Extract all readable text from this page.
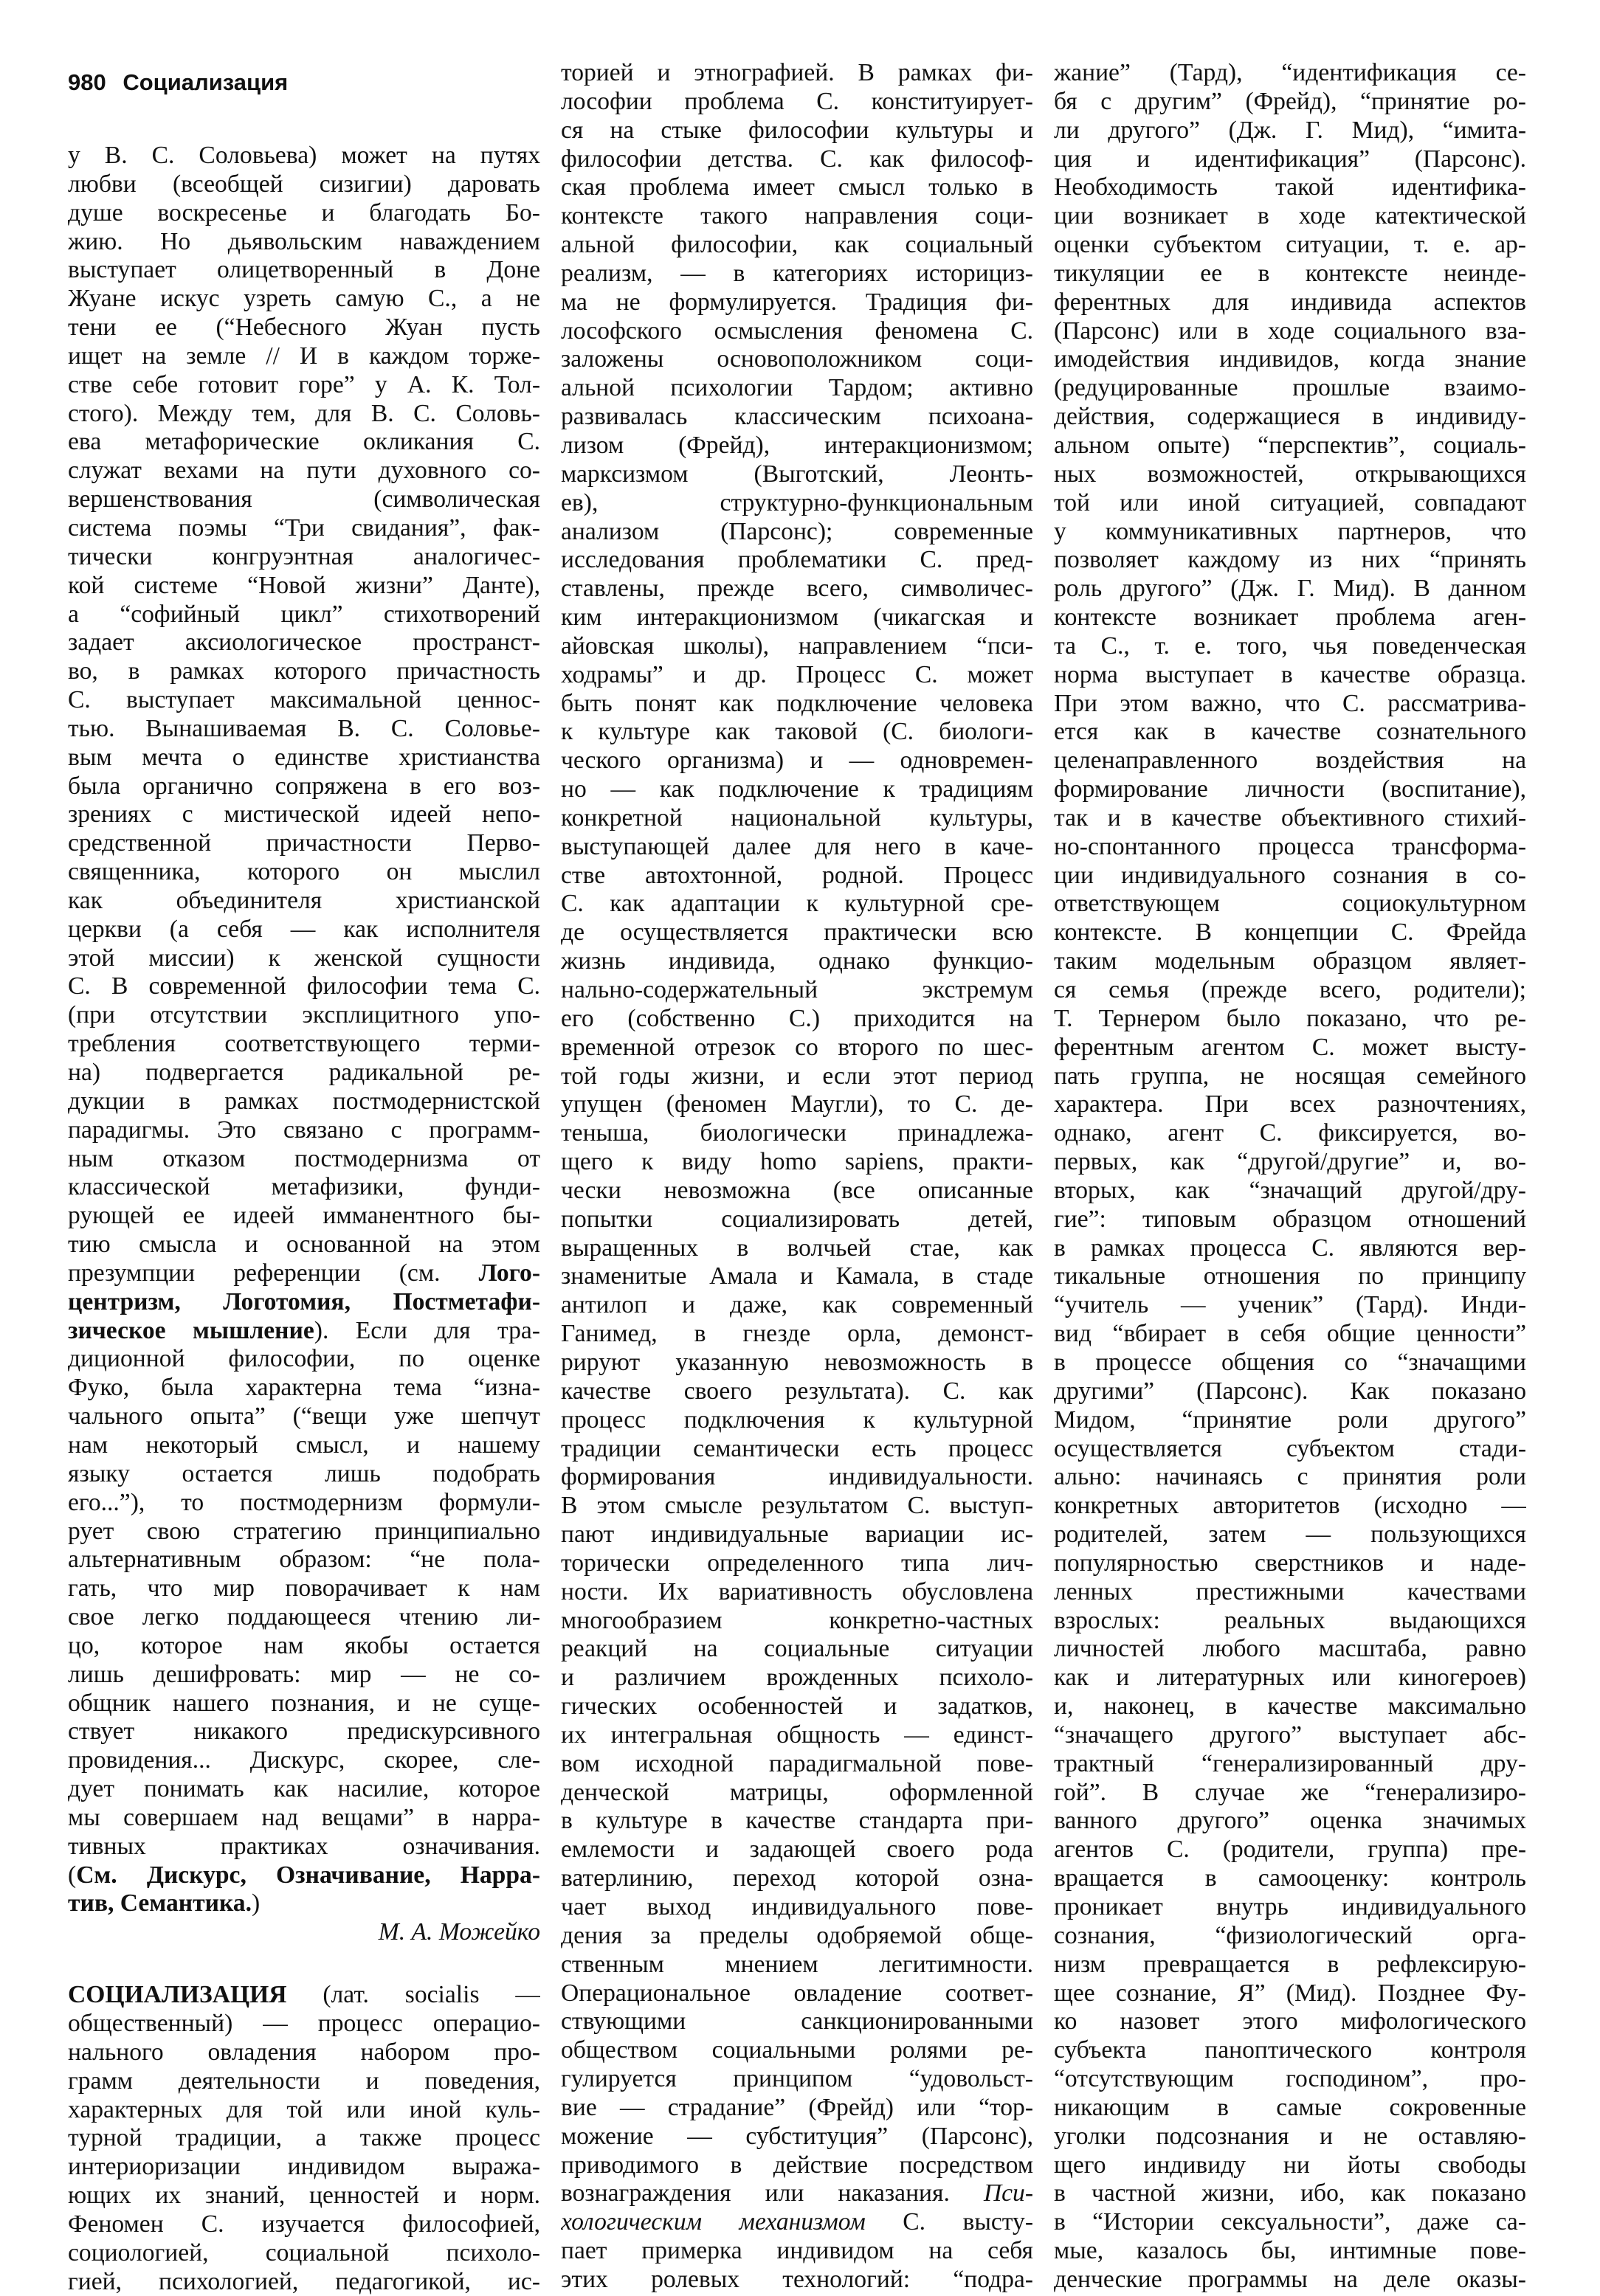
980 Социализация
у В. С. Соловьева) может на путях
любви (всеобщей сизигии) даровать
душе воскресенье и благодать Бо-
жию. Но дьявольским наваждением
выступает олицетворенный в Доне
Жуане искус узреть самую С., а не
тени ее (“Небесного Жуан пусть
ищет на земле // И в каждом торже-
стве себе готовит горе” у А. К. Тол-
стого). Между тем, для В. С. Соловь-
ева метафорические окликания С.
служат вехами на пути духовного со-
вершенствования (символическая
система поэмы “Три свидания”, фак-
тически конгруэнтная аналогичес-
кой системе “Новой жизни” Данте),
а “софийный цикл” стихотворений
задает аксиологическое пространст-
во, в рамках которого причастность
С. выступает максимальной ценнос-
тью. Вынашиваемая В. С. Соловье-
вым мечта о единстве христианства
была органично сопряжена в его воз-
зрениях с мистической идеей непо-
средственной причастности Перво-
священника, которого он мыслил
как объединителя христианской
церкви (а себя — как исполнителя
этой миссии) к женской сущности
С. В современной философии тема С.
(при отсутствии эксплицитного упо-
требления соответствующего терми-
на) подвергается радикальной ре-
дукции в рамках постмодернистской
парадигмы. Это связано с программ-
ным отказом постмодернизма от
классической метафизики, фунди-
рующей ее идеей имманентного бы-
тию смысла и основанной на этом
презумпции референции (см. Лого-
центризм, Логотомия, Постметафи-
зическое мышление). Если для тра-
диционной философии, по оценке
Фуко, была характерна тема “изна-
чального опыта” (“вещи уже шепчут
нам некоторый смысл, и нашему
языку остается лишь подобрать
его...”), то постмодернизм формули-
рует свою стратегию принципиально
альтернативным образом: “не пола-
гать, что мир поворачивает к нам
свое легко поддающееся чтению ли-
цо, которое нам якобы остается
лишь дешифровать: мир — не со-
общник нашего познания, и не суще-
ствует никакого предискурсивного
провидения... Дискурс, скорее, сле-
дует понимать как насилие, которое
мы совершаем над вещами” в нарра-
тивных практиках означивания.
(См. Дискурс, Означивание, Нарра-
тив, Семантика.)
М. А. Можейко
СОЦИАЛИЗАЦИЯ (лат. socialis —
общественный) — процесс операцио-
нального овладения набором про-
грамм деятельности и поведения,
характерных для той или иной куль-
турной традиции, а также процесс
интериоризации индивидом выража-
ющих их знаний, ценностей и норм.
Феномен С. изучается философией,
социологией, социальной психоло-
гией, психологией, педагогикой, ис-
торией и этнографией. В рамках фи-
лософии проблема С. конституирует-
ся на стыке философии культуры и
философии детства. С. как философ-
ская проблема имеет смысл только в
контексте такого направления соци-
альной философии, как социальный
реализм, — в категориях историциз-
ма не формулируется. Традиция фи-
лософского осмысления феномена С.
заложены основоположником соци-
альной психологии Тардом; активно
развивалась классическим психоана-
лизом (Фрейд), интеракционизмом;
марксизмом (Выготский, Леонть-
ев), структурно-функциональным
анализом (Парсонс); современные
исследования проблематики С. пред-
ставлены, прежде всего, символичес-
ким интеракционизмом (чикагская и
айовская школы), направлением “пси-
ходрамы” и др. Процесс С. может
быть понят как подключение человека
к культуре как таковой (С. биологи-
ческого организма) и — одновремен-
но — как подключение к традициям
конкретной национальной культуры,
выступающей далее для него в каче-
стве автохтонной, родной. Процесс
С. как адаптации к культурной сре-
де осуществляется практически всю
жизнь индивида, однако функцио-
нально-содержательный экстремум
его (собственно С.) приходится на
временной отрезок со второго по шес-
той годы жизни, и если этот период
упущен (феномен Маугли), то С. де-
теныша, биологически принадлежа-
щего к виду homo sapiens, практи-
чески невозможна (все описанные
попытки социализировать детей,
выращенных в волчьей стае, как
знаменитые Амала и Камала, в стаде
антилоп и даже, как современный
Ганимед, в гнезде орла, демонст-
рируют указанную невозможность в
качестве своего результата). С. как
процесс подключения к культурной
традиции семантически есть процесс
формирования индивидуальности.
В этом смысле результатом С. выступ-
пают индивидуальные вариации ис-
торически определенного типа лич-
ности. Их вариативность обусловлена
многообразием конкретно-частных
реакций на социальные ситуации
и различием врожденных психоло-
гических особенностей и задатков,
их интегральная общность — единст-
вом исходной парадигмальной пове-
денческой матрицы, оформленной
в культуре в качестве стандарта при-
емлемости и задающей своего рода
ватерлинию, переход которой озна-
чает выход индивидуального пове-
дения за пределы одобряемой обще-
ственным мнением легитимности.
Операциональное овладение соответ-
ствующими санкционированными
обществом социальными ролями ре-
гулируется принципом “удовольст-
вие — страдание” (Фрейд) или “тор-
можение — субституция” (Парсонс),
приводимого в действие посредством
вознаграждения или наказания. Пси-
хологическим механизмом С. высту-
пает примерка индивидом на себя
этих ролевых технологий: “подра-
жание” (Тард), “идентификация се-
бя с другим” (Фрейд), “принятие ро-
ли другого” (Дж. Г. Мид), “имита-
ция и идентификация” (Парсонс).
Необходимость такой идентифика-
ции возникает в ходе катектической
оценки субъектом ситуации, т. е. ар-
тикуляции ее в контексте неинде-
ферентных для индивида аспектов
(Парсонс) или в ходе социального вза-
имодействия индивидов, когда знание
(редуцированные прошлые взаимо-
действия, содержащиеся в индивиду-
альном опыте) “перспектив”, социаль-
ных возможностей, открывающихся
той или иной ситуацией, совпадают
у коммуникативных партнеров, что
позволяет каждому из них “принять
роль другого” (Дж. Г. Мид). В данном
контексте возникает проблема аген-
та С., т. е. того, чья поведенческая
норма выступает в качестве образца.
При этом важно, что С. рассматрива-
ется как в качестве сознательного
целенаправленного воздействия на
формирование личности (воспитание),
так и в качестве объективного стихий-
но-спонтанного процесса трансформа-
ции индивидуального сознания в со-
ответствующем социокультурном
контексте. В концепции С. Фрейда
таким модельным образцом являет-
ся семья (прежде всего, родители);
Т. Тернером было показано, что ре-
ферентным агентом С. может высту-
пать группа, не носящая семейного
характера. При всех разночтениях,
однако, агент С. фиксируется, во-
первых, как “другой/другие” и, во-
вторых, как “значащий другой/дру-
гие”: типовым образцом отношений
в рамках процесса С. являются вер-
тикальные отношения по принципу
“учитель — ученик” (Тард). Инди-
вид “вбирает в себя общие ценности”
в процессе общения со “значащими
другими” (Парсонс). Как показано
Мидом, “принятие роли другого”
осуществляется субъектом стади-
ально: начинаясь с принятия роли
конкретных авторитетов (исходно —
родителей, затем — пользующихся
популярностью сверстников и наде-
ленных престижными качествами
взрослых: реальных выдающихся
личностей любого масштаба, равно
как и литературных или киногероев)
и, наконец, в качестве максимально
“значащего другого” выступает абс-
трактный “генерализированный дру-
гой”. В случае же “генерализиро-
ванного другого” оценка значимых
агентов С. (родители, группа) пре-
вращается в самооценку: контроль
проникает внутрь индивидуального
сознания, “физиологический орга-
низм превращается в рефлексирую-
щее сознание, Я” (Мид). Позднее Фу-
ко назовет этого мифологического
субъекта паноптического контроля
“отсутствующим господином”, про-
никающим в самые сокровенные
уголки подсознания и не оставляю-
щего индивиду ни йоты свободы
в частной жизни, ибо, как показано
в “Истории сексуальности”, даже са-
мые, казалось бы, интимные пове-
денческие программы на деле оказы-
